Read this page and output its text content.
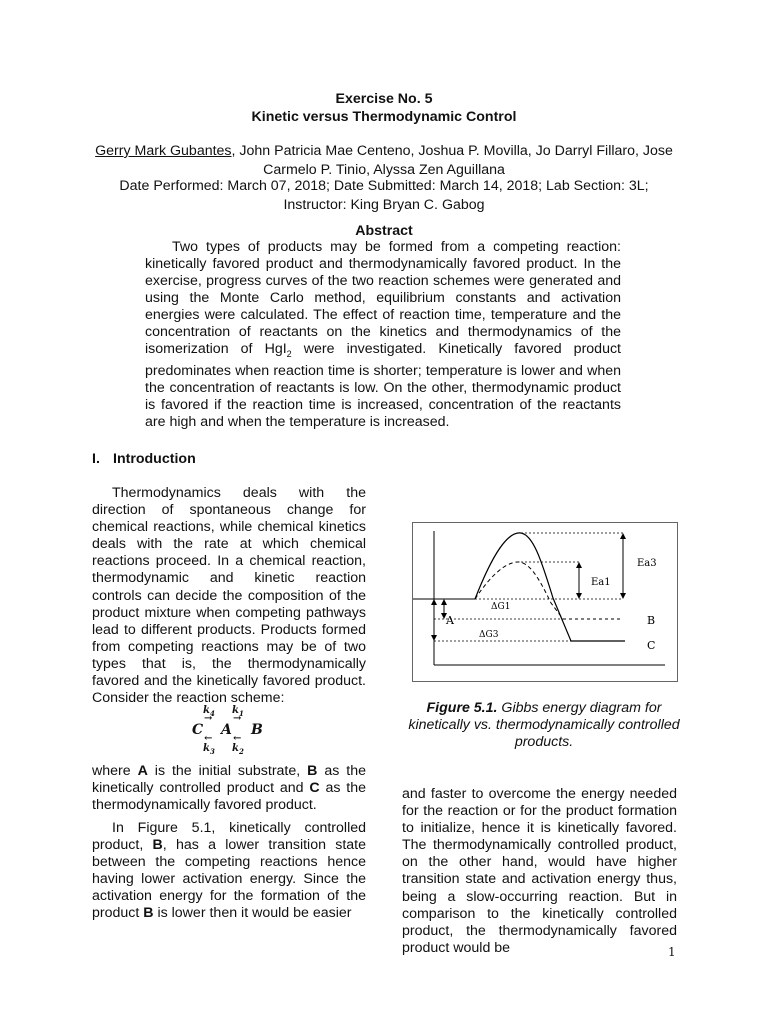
Exercise No. 5
Kinetic versus Thermodynamic Control
Gerry Mark Gubantes, John Patricia Mae Centeno, Joshua P. Movilla, Jo Darryl Fillaro, Jose Carmelo P. Tinio, Alyssa Zen Aguillana
Date Performed: March 07, 2018; Date Submitted: March 14, 2018; Lab Section: 3L;
Instructor: King Bryan C. Gabog
Abstract
Two types of products may be formed from a competing reaction: kinetically favored product and thermodynamically favored product. In the exercise, progress curves of the two reaction schemes were generated and using the Monte Carlo method, equilibrium constants and activation energies were calculated. The effect of reaction time, temperature and the concentration of reactants on the kinetics and thermodynamics of the isomerization of HgI$_2$ were investigated. Kinetically favored product predominates when reaction time is shorter; temperature is lower and when the concentration of reactants is low. On the other, thermodynamic product is favored if the reaction time is increased, concentration of the reactants are high and when the temperature is increased.
I. Introduction
Thermodynamics deals with the direction of spontaneous change for chemical reactions, while chemical kinetics deals with the rate at which chemical reactions proceed. In a chemical reaction, thermodynamic and kinetic reaction controls can decide the composition of the product mixture when competing pathways lead to different products. Products formed from competing reactions may be of two types that is, the thermodynamically favored and the kinetically favored product. Consider the reaction scheme:
$k_4$ $k_1$
→ →
C A B
← ←
$k_3$ $k_2$
where A is the initial substrate, B as the kinetically controlled product and C as the thermodynamically favored product.
In Figure 5.1, kinetically controlled product, B, has a lower transition state between the competing reactions hence having lower activation energy. Since the activation energy for the formation of the product B is lower then it would be easier
Ea3
Ea1
ΔG1
ΔG3
A	B
C
Figure 5.1. Gibbs energy diagram for kinetically vs. thermodynamically controlled products.
and faster to overcome the energy needed for the reaction or for the product formation to initialize, hence it is kinetically favored. The thermodynamically controlled product, on the other hand, would have higher transition state and activation energy thus, being a slow-occurring reaction. But in comparison to the kinetically controlled product, the thermodynamically favored product would be	1
